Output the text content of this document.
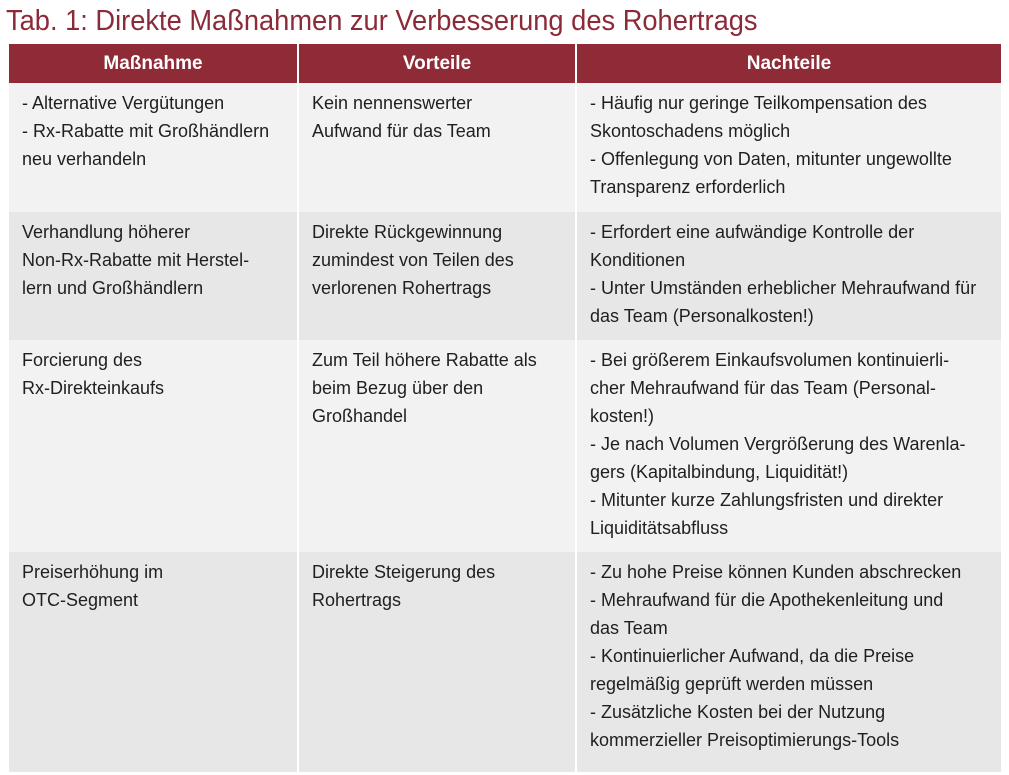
Tab. 1: Direkte Maßnahmen zur Verbesserung des Rohertrags
Maßnahme	Vorteile	Nachteile
- Alternative Vergütungen
- Rx-Rabatte mit Großhändlern
neu verhandeln
Kein nennenswerter
Aufwand für das Team
- Häufig nur geringe Teilkompensation des
Skontoschadens möglich
- Offenlegung von Daten, mitunter ungewollte
Transparenz erforderlich
Verhandlung höherer
Non-Rx-Rabatte mit Herstel-
lern und Großhändlern
Direkte Rückgewinnung
zumindest von Teilen des
verlorenen Rohertrags
- Erfordert eine aufwändige Kontrolle der
Konditionen
- Unter Umständen erheblicher Mehraufwand für
das Team (Personalkosten!)
Forcierung des
Rx-Direkteinkaufs
Zum Teil höhere Rabatte als
beim Bezug über den
Großhandel
- Bei größerem Einkaufsvolumen kontinuierli-
cher Mehraufwand für das Team (Personal-
kosten!)
- Je nach Volumen Vergrößerung des Warenla-
gers (Kapitalbindung, Liquidität!)
- Mitunter kurze Zahlungsfristen und direkter
Liquiditätsabfluss
Preiserhöhung im
OTC-Segment
Direkte Steigerung des
Rohertrags
- Zu hohe Preise können Kunden abschrecken
- Mehraufwand für die Apothekenleitung und
das Team
- Kontinuierlicher Aufwand, da die Preise
regelmäßig geprüft werden müssen
- Zusätzliche Kosten bei der Nutzung
kommerzieller Preisoptimierungs-Tools
